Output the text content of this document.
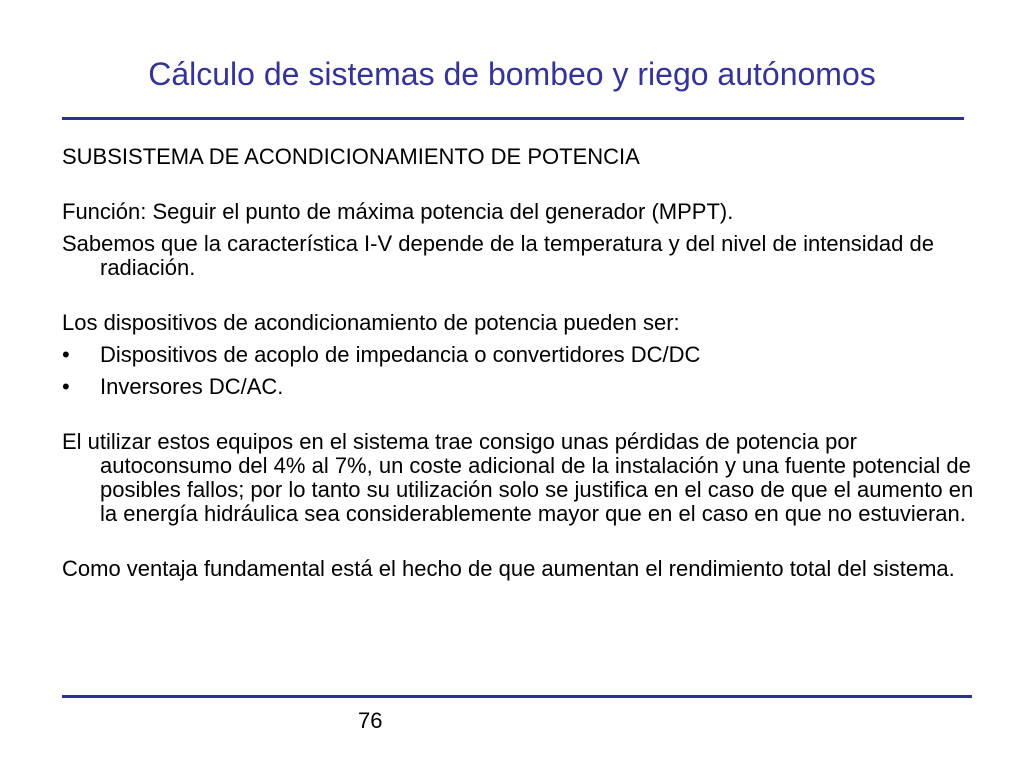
Cálculo de sistemas de bombeo y riego autónomos

SUBSISTEMA DE ACONDICIONAMIENTO DE POTENCIA

Función: Seguir el punto de máxima potencia del generador (MPPT).

Sabemos que la característica I-V depende de la temperatura y del nivel de intensidad de radiación.

Los dispositivos de acondicionamiento de potencia pueden ser:

•	Dispositivos de acoplo de impedancia o convertidores DC/DC
•	Inversores DC/AC.

El utilizar estos equipos en el sistema trae consigo unas pérdidas de potencia por autoconsumo del 4% al 7%, un coste adicional de la instalación y una fuente potencial de posibles fallos; por lo tanto su utilización solo se justifica en el caso de que el aumento en la energía hidráulica sea considerablemente mayor que en el caso en que no estuvieran.

Como ventaja fundamental está el hecho de que aumentan el rendimiento total del sistema.

76
